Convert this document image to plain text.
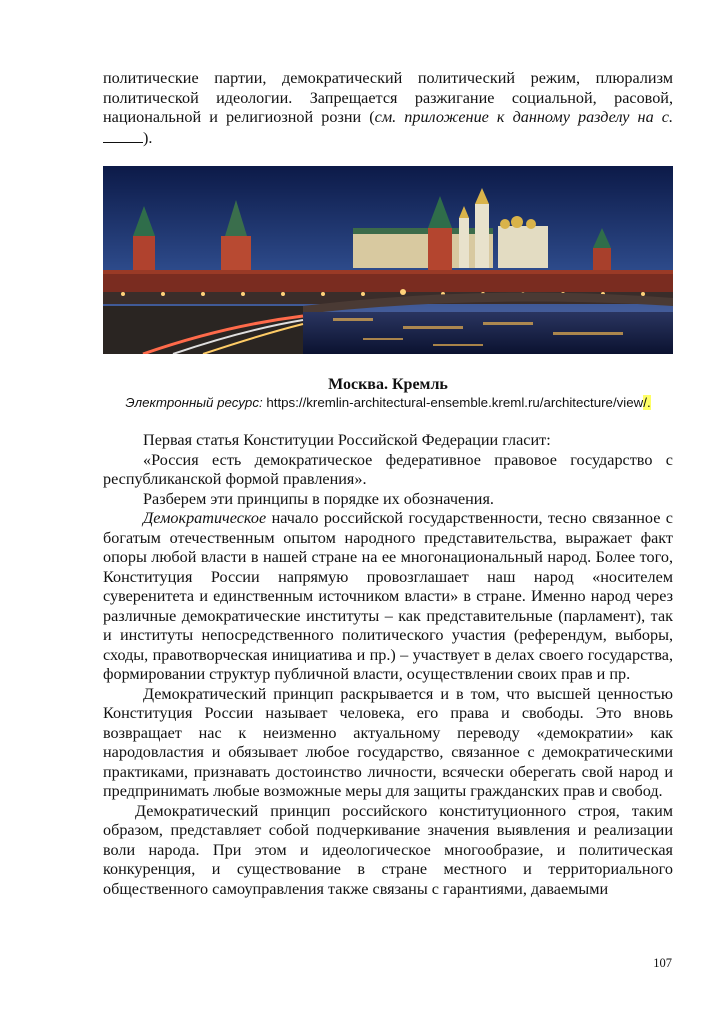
политические партии, демократический политический режим, плюрализм политической идеологии. Запрещается разжигание социальной, расовой, национальной и религиозной розни (см. приложение к данному разделу на с. ).

Москва. Кремль
Электронный ресурс: https://kremlin-architectural-ensemble.kreml.ru/architecture/view/.

Первая статья Конституции Российской Федерации гласит:

«Россия есть демократическое федеративное правовое государство с республиканской формой правления».

Разберем эти принципы в порядке их обозначения.

Демократическое начало российской государственности, тесно связанное с богатым отечественным опытом народного представительства, выражает факт опоры любой власти в нашей стране на ее многонациональный народ. Более того, Конституция России напрямую провозглашает наш народ «носителем суверенитета и единственным источником власти» в стране. Именно народ через различные демократические институты – как представительные (парламент), так и институты непосредственного политического участия (референдум, выборы, сходы, правотворческая инициатива и пр.) – участвует в делах своего государства, формировании структур публичной власти, осуществлении своих прав и пр.

Демократический принцип раскрывается и в том, что высшей ценностью Конституция России называет человека, его права и свободы. Это вновь возвращает нас к неизменно актуальному переводу «демократии» как народовластия и обязывает любое государство, связанное с демократическими практиками, признавать достоинство личности, всячески оберегать свой народ и предпринимать любые возможные меры для защиты гражданских прав и свобод.

Демократический принцип российского конституционного строя, таким образом, представляет собой подчеркивание значения выявления и реализации воли народа. При этом и идеологическое многообразие, и политическая конкуренция, и существование в стране местного и территориального общественного самоуправления также связаны с гарантиями, даваемыми

107
